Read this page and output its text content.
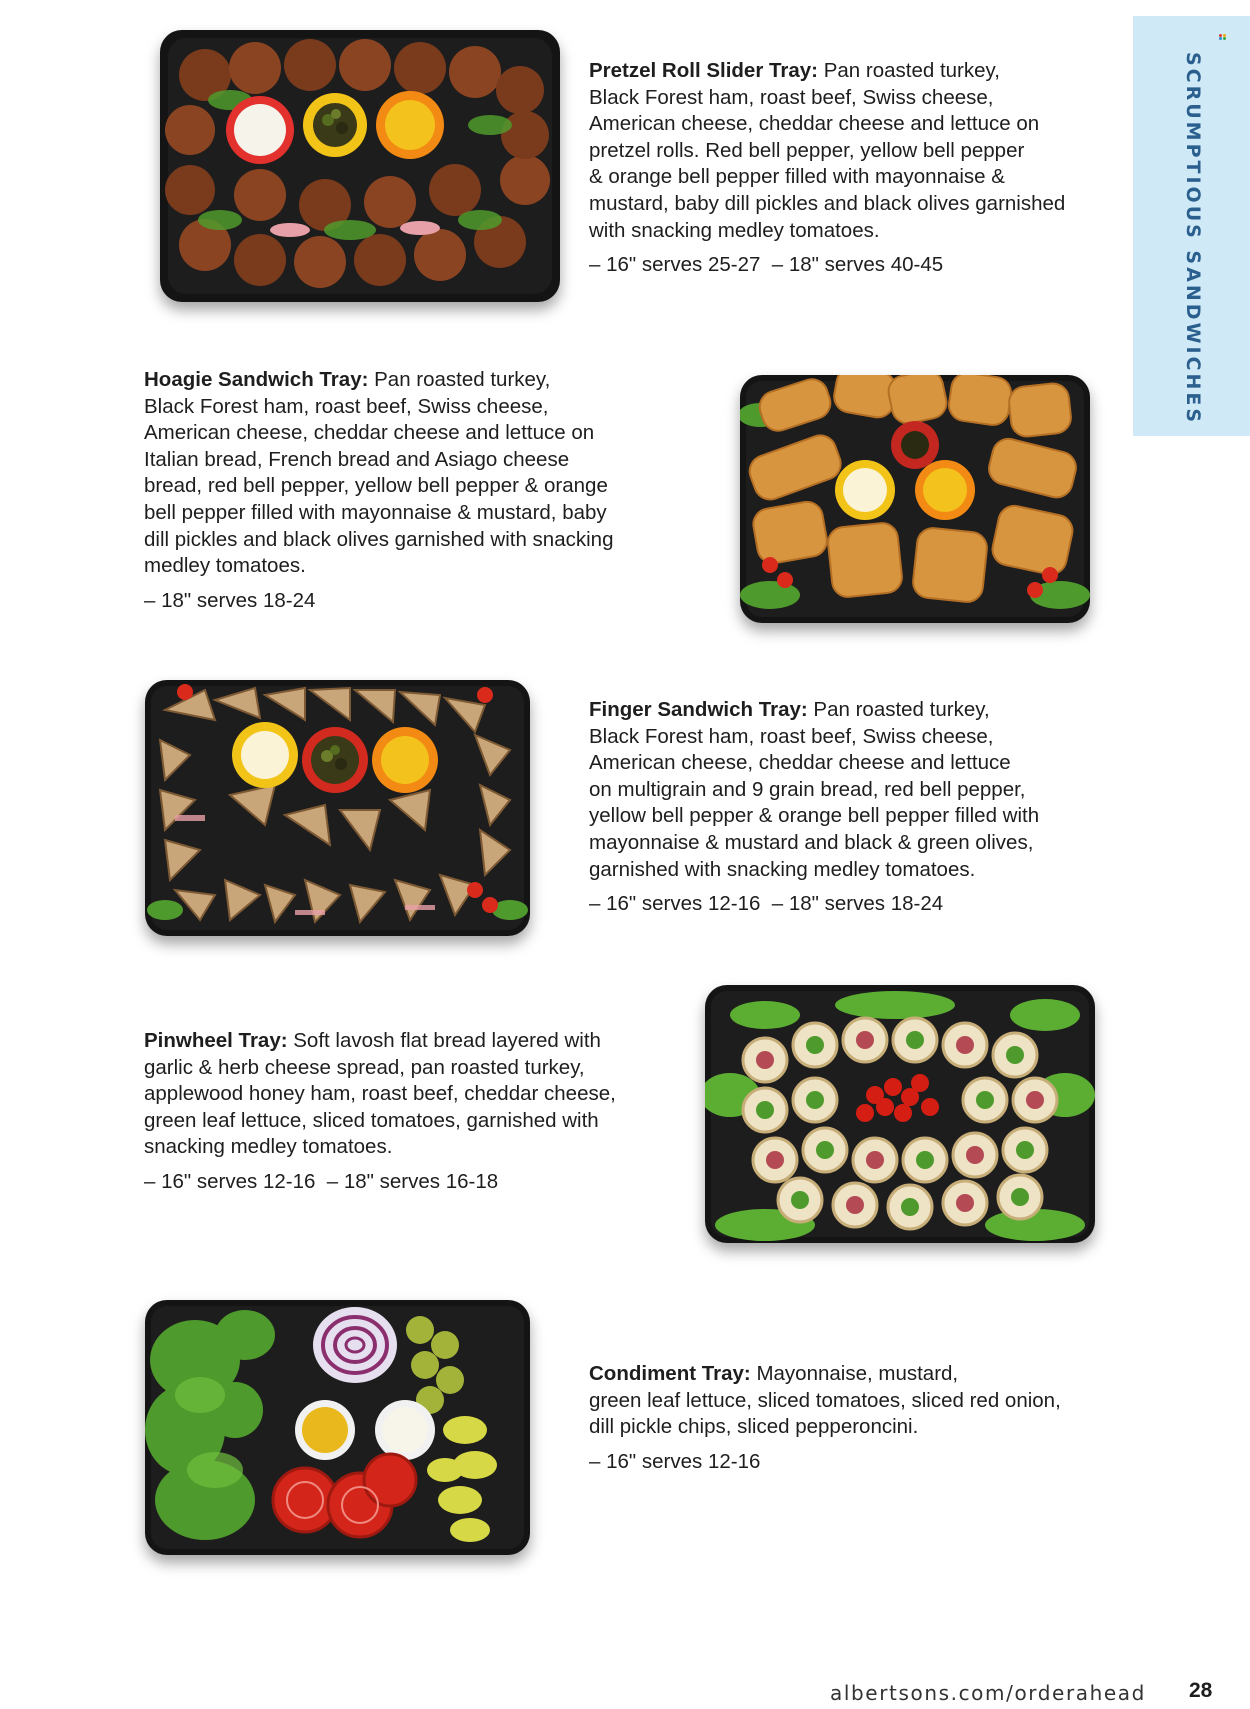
SCRUMPTIOUS SANDWICHES
Pretzel Roll Slider Tray: Pan roasted turkey,
Black Forest ham, roast beef, Swiss cheese,
American cheese, cheddar cheese and lettuce on
pretzel rolls. Red bell pepper, yellow bell pepper
& orange bell pepper filled with mayonnaise &
mustard, baby dill pickles and black olives garnished
with snacking medley tomatoes.
– 16" serves 25-27  – 18" serves 40-45
Hoagie Sandwich Tray: Pan roasted turkey,
Black Forest ham, roast beef, Swiss cheese,
American cheese, cheddar cheese and lettuce on
Italian bread, French bread and Asiago cheese
bread, red bell pepper, yellow bell pepper & orange
bell pepper filled with mayonnaise & mustard, baby
dill pickles and black olives garnished with snacking
medley tomatoes.
– 18" serves 18-24
Finger Sandwich Tray: Pan roasted turkey,
Black Forest ham, roast beef, Swiss cheese,
American cheese, cheddar cheese and lettuce
on multigrain and 9 grain bread, red bell pepper,
yellow bell pepper & orange bell pepper filled with
mayonnaise & mustard and black & green olives,
garnished with snacking medley tomatoes.
– 16" serves 12-16  – 18" serves 18-24
Pinwheel Tray: Soft lavosh flat bread layered with
garlic & herb cheese spread, pan roasted turkey,
applewood honey ham, roast beef, cheddar cheese,
green leaf lettuce, sliced tomatoes, garnished with
snacking medley tomatoes.
– 16" serves 12-16  – 18" serves 16-18
Condiment Tray: Mayonnaise, mustard,
green leaf lettuce, sliced tomatoes, sliced red onion,
dill pickle chips, sliced pepperoncini.
– 16" serves 12-16
albertsons.com/orderahead 28
